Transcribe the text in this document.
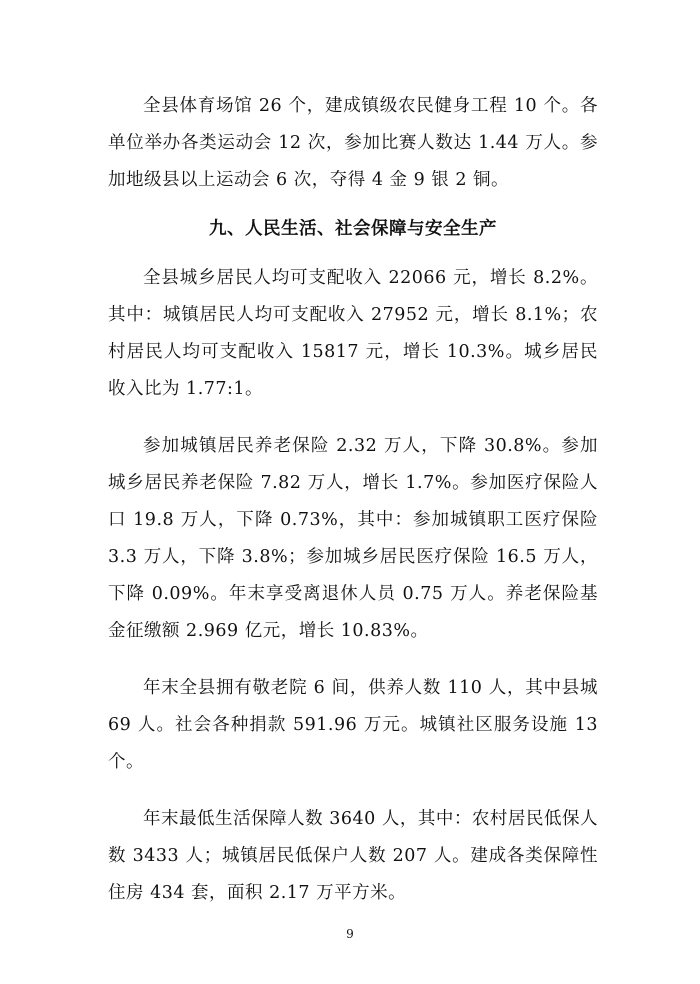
全县体育场馆 26 个，建成镇级农民健身工程 10 个。各单位举办各类运动会 12 次，参加比赛人数达 1.44 万人。参加地级县以上运动会 6 次，夺得 4 金 9 银 2 铜。

九、人民生活、社会保障与安全生产

全县城乡居民人均可支配收入 22066 元，增长 8.2%。其中：城镇居民人均可支配收入 27952 元，增长 8.1%；农村居民人均可支配收入 15817 元，增长 10.3%。城乡居民收入比为 1.77:1。

参加城镇居民养老保险 2.32 万人，下降 30.8%。参加城乡居民养老保险 7.82 万人，增长 1.7%。参加医疗保险人口 19.8 万人，下降 0.73%，其中：参加城镇职工医疗保险 3.3 万人，下降 3.8%；参加城乡居民医疗保险 16.5 万人，下降 0.09%。年末享受离退休人员 0.75 万人。养老保险基金征缴额 2.969 亿元，增长 10.83%。

年末全县拥有敬老院 6 间，供养人数 110 人，其中县城 69 人。社会各种捐款 591.96 万元。城镇社区服务设施 13 个。

年末最低生活保障人数 3640 人，其中：农村居民低保人数 3433 人；城镇居民低保户人数 207 人。建成各类保障性住房 434 套，面积 2.17 万平方米。

9
